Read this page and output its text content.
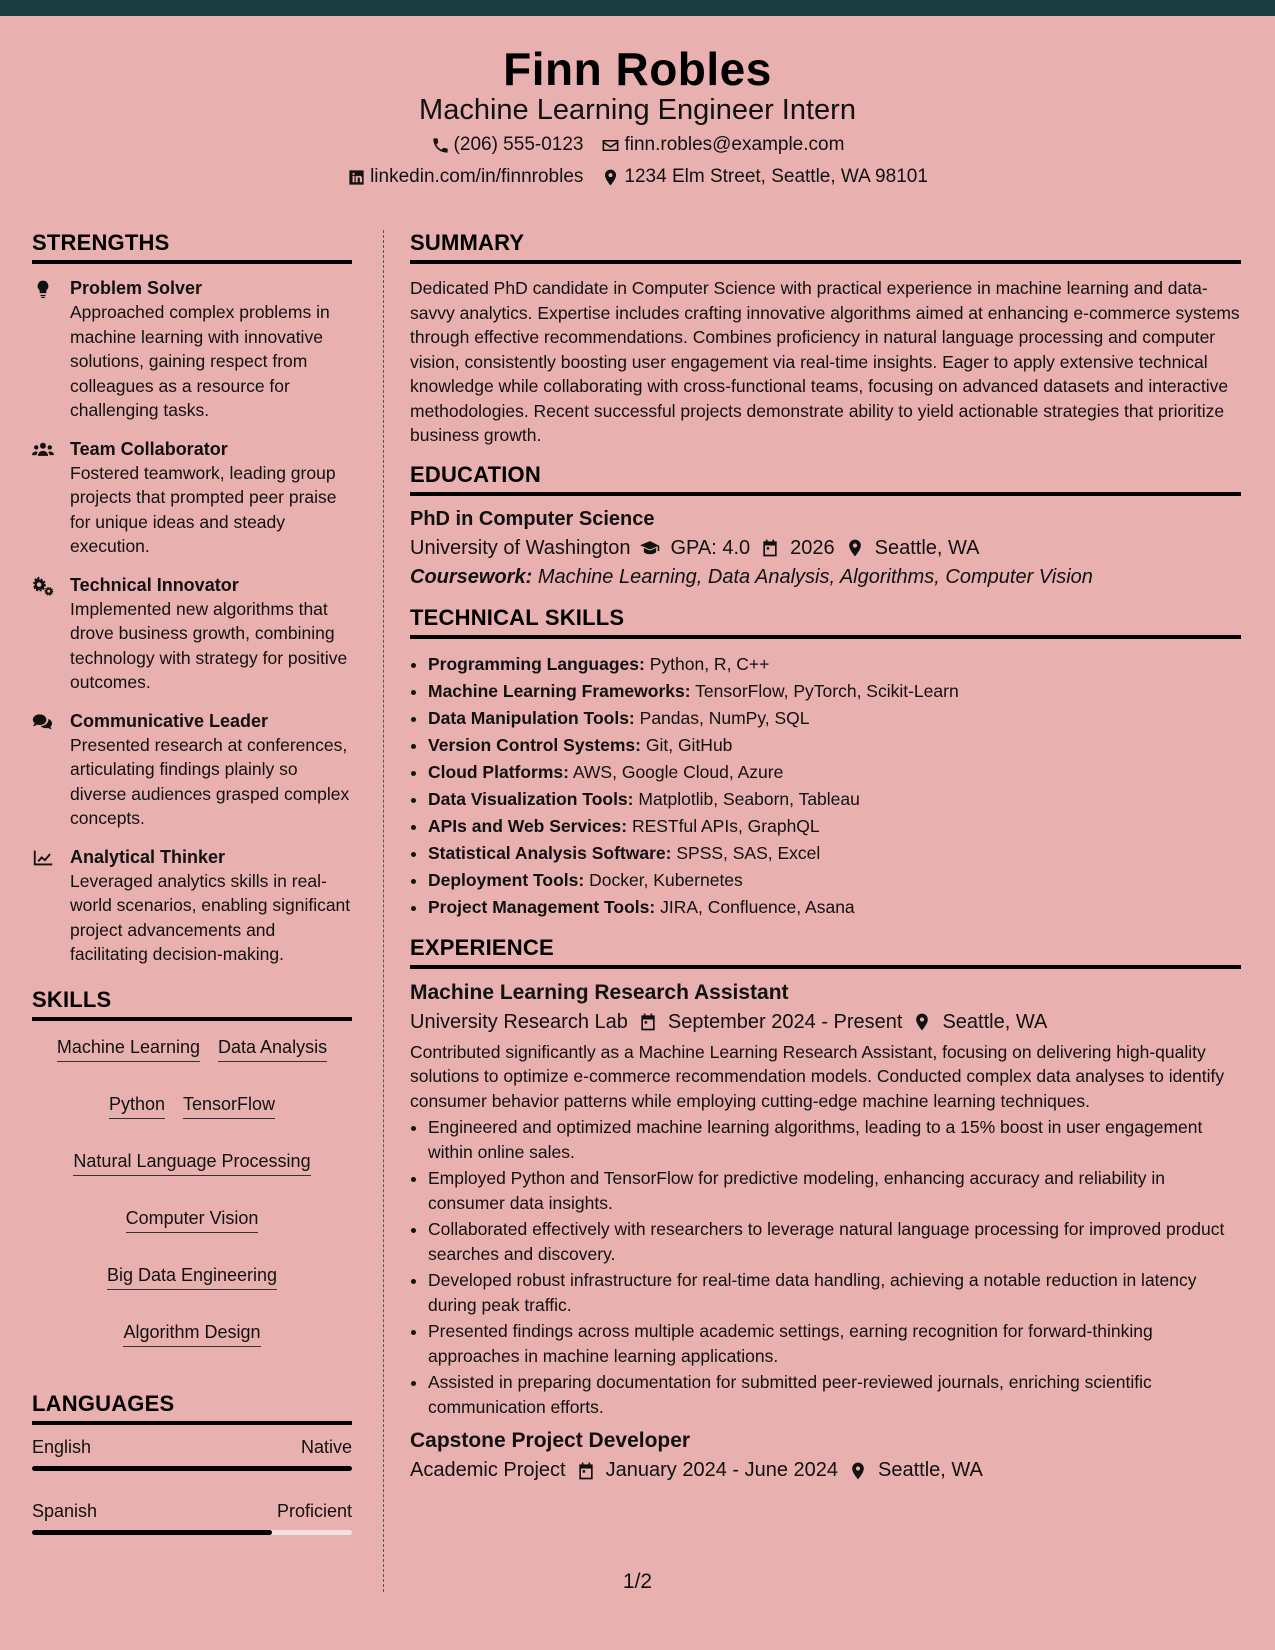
Finn Robles
Machine Learning Engineer Intern
(206) 555-0123 finn.robles@example.com
linkedin.com/in/finnrobles 1234 Elm Street, Seattle, WA 98101
STRENGTHS
Problem Solver
Approached complex problems in machine learning with innovative solutions, gaining respect from colleagues as a resource for challenging tasks.
Team Collaborator
Fostered teamwork, leading group projects that prompted peer praise for unique ideas and steady execution.
Technical Innovator
Implemented new algorithms that drove business growth, combining technology with strategy for positive outcomes.
Communicative Leader
Presented research at conferences, articulating findings plainly so diverse audiences grasped complex concepts.
Analytical Thinker
Leveraged analytics skills in real-world scenarios, enabling significant project advancements and facilitating decision-making.
SKILLS
Machine Learning Data Analysis
Python TensorFlow
Natural Language Processing
Computer Vision
Big Data Engineering
Algorithm Design
LANGUAGES
English	Native
Spanish	Proficient
SUMMARY
Dedicated PhD candidate in Computer Science with practical experience in machine learning and data-savvy analytics. Expertise includes crafting innovative algorithms aimed at enhancing e-commerce systems through effective recommendations. Combines proficiency in natural language processing and computer vision, consistently boosting user engagement via real-time insights. Eager to apply extensive technical knowledge while collaborating with cross-functional teams, focusing on advanced datasets and interactive methodologies. Recent successful projects demonstrate ability to yield actionable strategies that prioritize business growth.
EDUCATION
PhD in Computer Science
University of Washington GPA: 4.0 2026 Seattle, WA
Coursework: Machine Learning, Data Analysis, Algorithms, Computer Vision
TECHNICAL SKILLS
• Programming Languages: Python, R, C++
• Machine Learning Frameworks: TensorFlow, PyTorch, Scikit-Learn
• Data Manipulation Tools: Pandas, NumPy, SQL
• Version Control Systems: Git, GitHub
• Cloud Platforms: AWS, Google Cloud, Azure
• Data Visualization Tools: Matplotlib, Seaborn, Tableau
• APIs and Web Services: RESTful APIs, GraphQL
• Statistical Analysis Software: SPSS, SAS, Excel
• Deployment Tools: Docker, Kubernetes
• Project Management Tools: JIRA, Confluence, Asana
EXPERIENCE
Machine Learning Research Assistant
University Research Lab September 2024 - Present Seattle, WA
Contributed significantly as a Machine Learning Research Assistant, focusing on delivering high-quality solutions to optimize e-commerce recommendation models. Conducted complex data analyses to identify consumer behavior patterns while employing cutting-edge machine learning techniques.
• Engineered and optimized machine learning algorithms, leading to a 15% boost in user engagement within online sales.
• Employed Python and TensorFlow for predictive modeling, enhancing accuracy and reliability in consumer data insights.
• Collaborated effectively with researchers to leverage natural language processing for improved product searches and discovery.
• Developed robust infrastructure for real-time data handling, achieving a notable reduction in latency during peak traffic.
• Presented findings across multiple academic settings, earning recognition for forward-thinking approaches in machine learning applications.
• Assisted in preparing documentation for submitted peer-reviewed journals, enriching scientific communication efforts.
Capstone Project Developer
Academic Project January 2024 - June 2024 Seattle, WA
1/2
